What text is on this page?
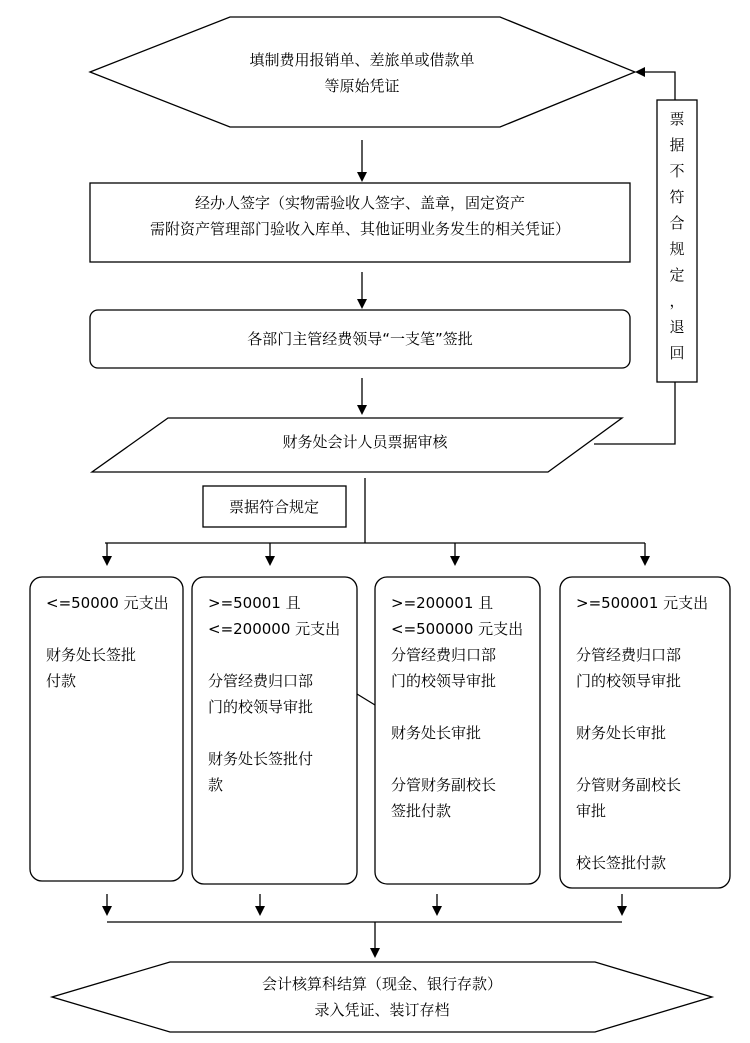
填制费用报销单、差旅单或借款单
等原始凭证
经办人签字（实物需验收人签字、盖章，固定资产
需附资产管理部门验收入库单、其他证明业务发生的相关凭证）
各部门主管经费领导“一支笔”签批
财务处会计人员票据审核
票
据
不
符
合
规
定
，
退
回
票据符合规定
<=50000 元支出
财务处长签批
付款
>=50001 且
<=200000 元支出
分管经费归口部
门的校领导审批
财务处长签批付
款
>=200001 且
<=500000 元支出
分管经费归口部
门的校领导审批
财务处长审批
分管财务副校长
签批付款
>=500001 元支出
分管经费归口部
门的校领导审批
财务处长审批
分管财务副校长
审批
校长签批付款
会计核算科结算（现金、银行存款）
录入凭证、装订存档
